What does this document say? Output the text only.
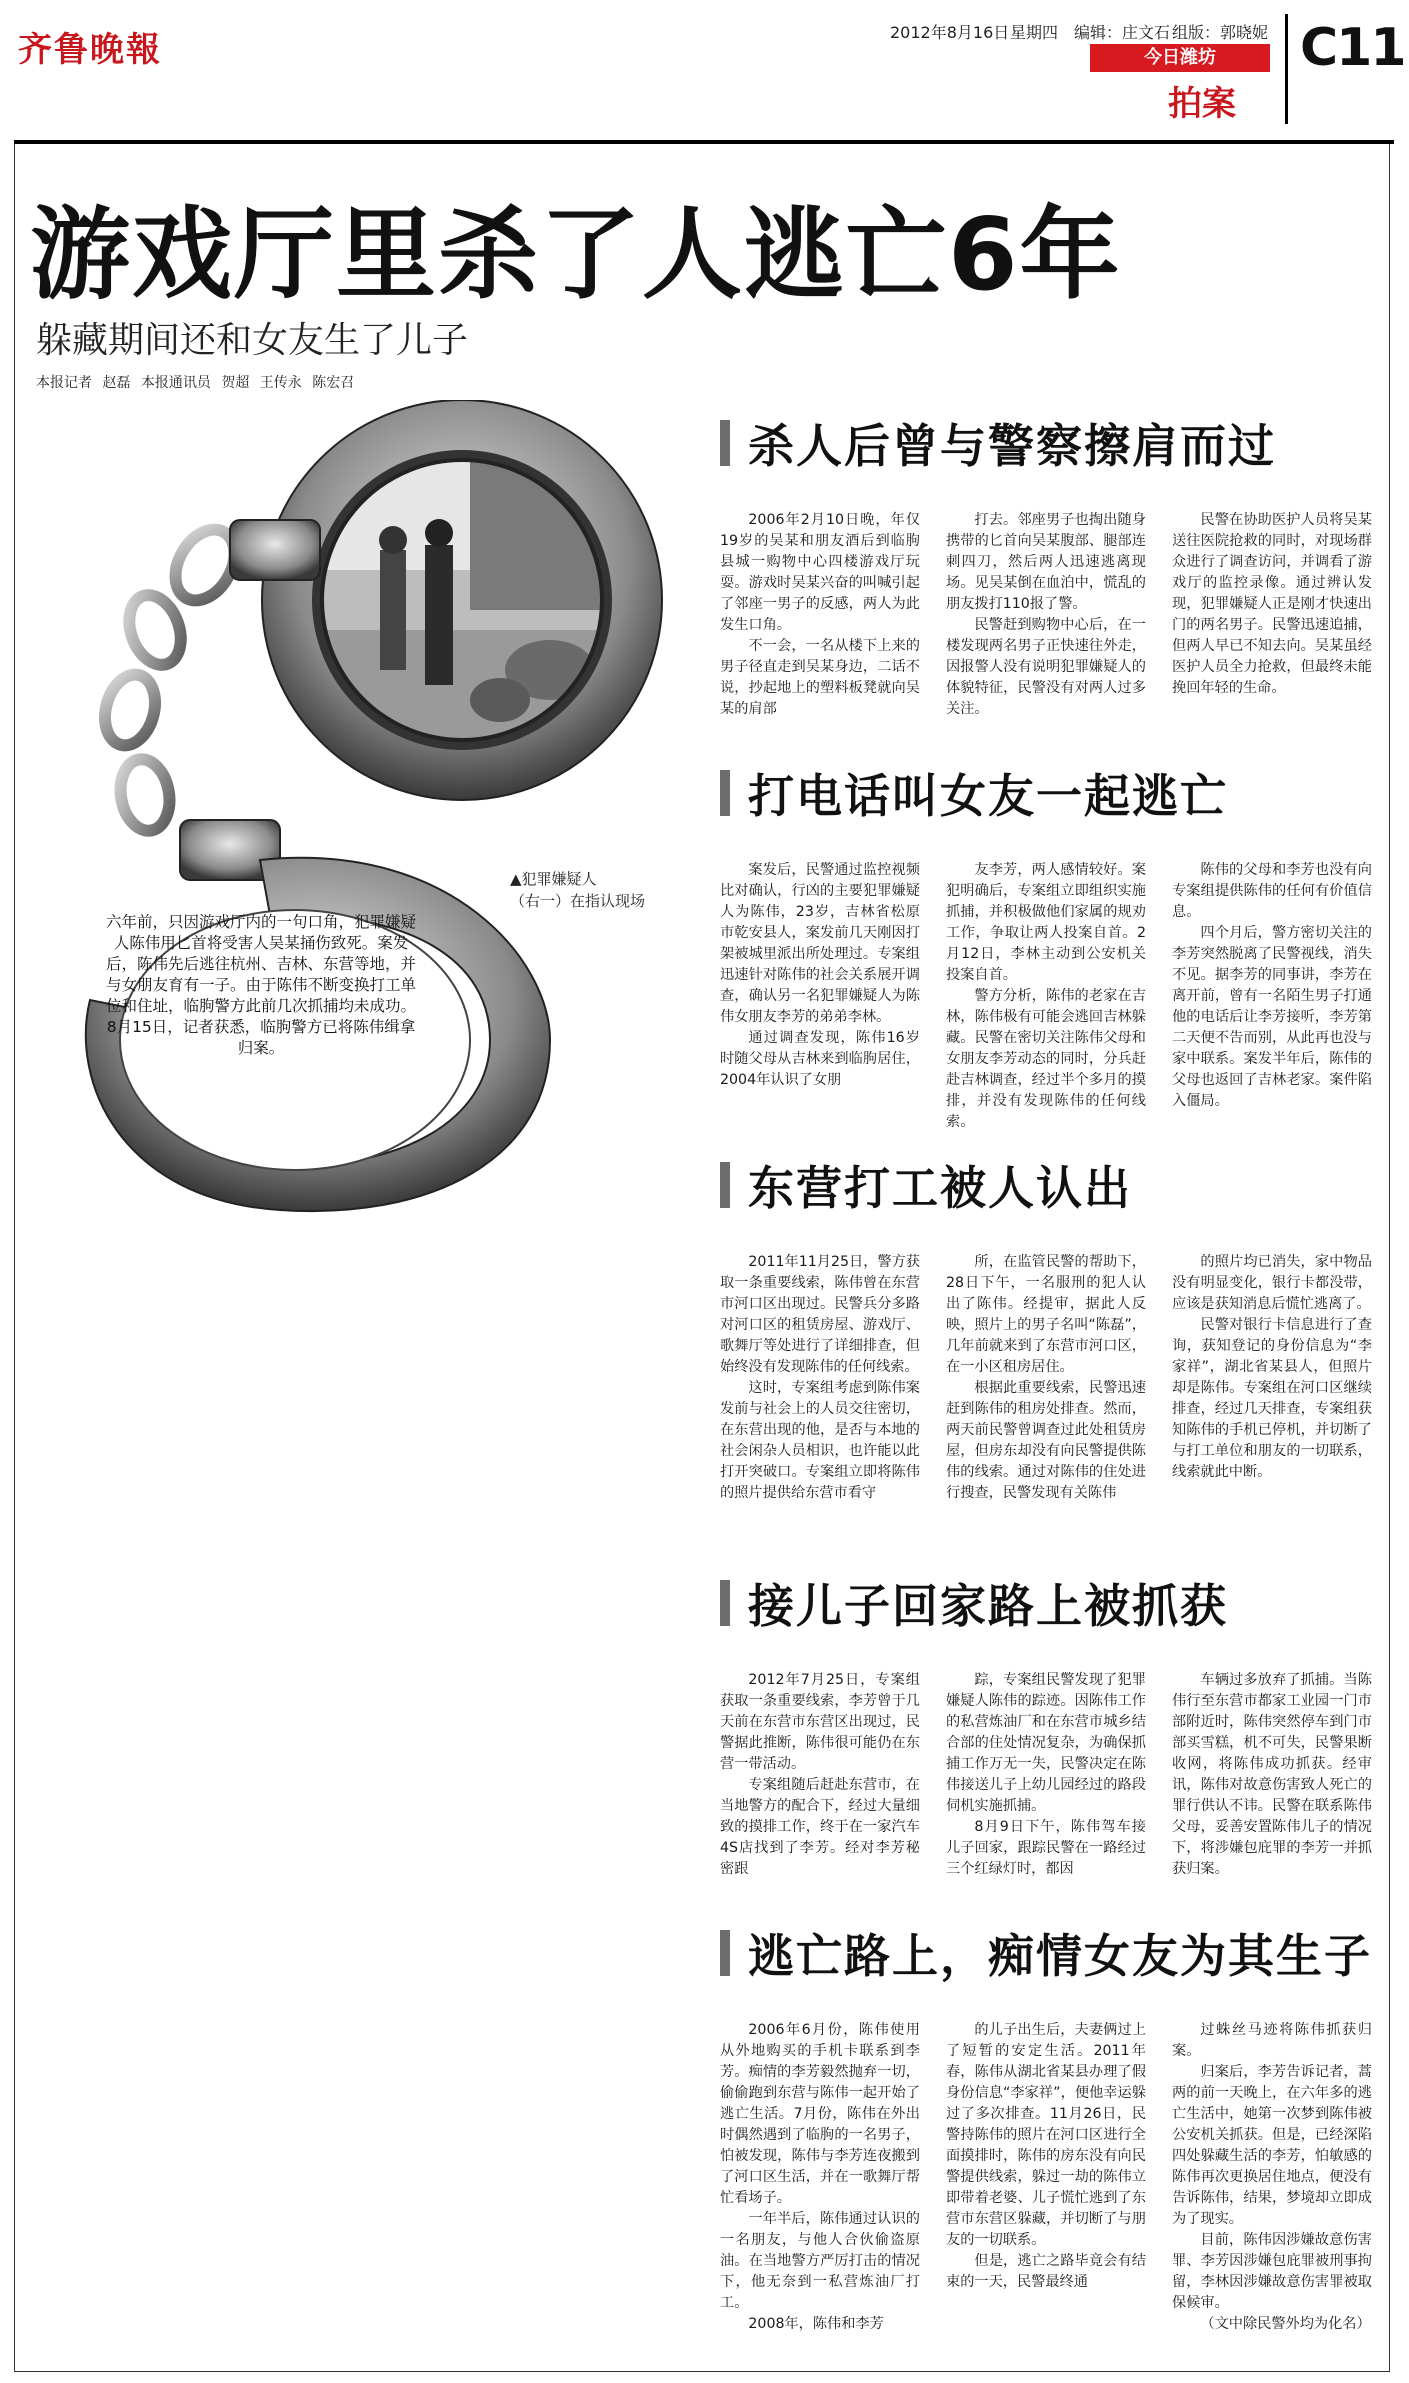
齐鲁晚報	2012年8月16日 星期四 编辑：庄文石 组版：郭晓妮
今日潍坊
拍案
C11
游戏厅里杀了人逃亡6年
躲藏期间还和女友生了儿子
本报记者 赵磊 本报通讯员 贺超 王传永 陈宏召
▲犯罪嫌疑人
（右一）在指认现场
六年前，只因游戏厅内的一句口角，犯罪嫌疑人陈伟用匕首将受害人吴某捅伤致死。案发后，陈伟先后逃往杭州、吉林、东营等地，并与女朋友育有一子。由于陈伟不断变换打工单位和住址，临朐警方此前几次抓捕均未成功。8月15日，记者获悉，临朐警方已将陈伟缉拿归案。
杀人后曾与警察擦肩而过
2006年2月10日晚，年仅19岁的吴某和朋友酒后到临朐县城一购物中心四楼游戏厅玩耍。游戏时吴某兴奋的叫喊引起了邻座一男子的反感，两人为此发生口角。
不一会，一名从楼下上来的男子径直走到吴某身边，二话不说，抄起地上的塑料板凳就向吴某的肩部
打去。邻座男子也掏出随身携带的匕首向吴某腹部、腿部连刺四刀，然后两人迅速逃离现场。见吴某倒在血泊中，慌乱的朋友拨打110报了警。
民警赶到购物中心后，在一楼发现两名男子正快速往外走，因报警人没有说明犯罪嫌疑人的体貌特征，民警没有对两人过多关注。
民警在协助医护人员将吴某送往医院抢救的同时，对现场群众进行了调查访问，并调看了游戏厅的监控录像。通过辨认发现，犯罪嫌疑人正是刚才快速出门的两名男子。民警迅速追捕，但两人早已不知去向。吴某虽经医护人员全力抢救，但最终未能挽回年轻的生命。
打电话叫女友一起逃亡
案发后，民警通过监控视频比对确认，行凶的主要犯罪嫌疑人为陈伟，23岁，吉林省松原市乾安县人，案发前几天刚因打架被城里派出所处理过。专案组迅速针对陈伟的社会关系展开调查，确认另一名犯罪嫌疑人为陈伟女朋友李芳的弟弟李林。
通过调查发现，陈伟16岁时随父母从吉林来到临朐居住，2004年认识了女朋
友李芳，两人感情较好。案犯明确后，专案组立即组织实施抓捕，并积极做他们家属的规劝工作，争取让两人投案自首。2月12日，李林主动到公安机关投案自首。
警方分析，陈伟的老家在吉林，陈伟极有可能会逃回吉林躲藏。民警在密切关注陈伟父母和女朋友李芳动态的同时，分兵赶赴吉林调查，经过半个多月的摸排，并没有发现陈伟的任何线索。
陈伟的父母和李芳也没有向专案组提供陈伟的任何有价值信息。
四个月后，警方密切关注的李芳突然脱离了民警视线，消失不见。据李芳的同事讲，李芳在离开前，曾有一名陌生男子打通他的电话后让李芳接听，李芳第二天便不告而别，从此再也没与家中联系。案发半年后，陈伟的父母也返回了吉林老家。案件陷入僵局。
东营打工被人认出
2011年11月25日，警方获取一条重要线索，陈伟曾在东营市河口区出现过。民警兵分多路对河口区的租赁房屋、游戏厅、歌舞厅等处进行了详细排查，但始终没有发现陈伟的任何线索。
这时，专案组考虑到陈伟案发前与社会上的人员交往密切，在东营出现的他，是否与本地的社会闲杂人员相识，也许能以此打开突破口。专案组立即将陈伟的照片提供给东营市看守
所，在监管民警的帮助下，28日下午，一名服刑的犯人认出了陈伟。经提审，据此人反映，照片上的男子名叫“陈磊”，几年前就来到了东营市河口区，在一小区租房居住。
根据此重要线索，民警迅速赶到陈伟的租房处排查。然而，两天前民警曾调查过此处租赁房屋，但房东却没有向民警提供陈伟的线索。通过对陈伟的住处进行搜查，民警发现有关陈伟
的照片均已消失，家中物品没有明显变化，银行卡都没带，应该是获知消息后慌忙逃离了。
民警对银行卡信息进行了查询，获知登记的身份信息为“李家祥”，湖北省某县人，但照片却是陈伟。专案组在河口区继续排查，经过几天排查，专案组获知陈伟的手机已停机，并切断了与打工单位和朋友的一切联系，线索就此中断。
接儿子回家路上被抓获
2012年7月25日，专案组获取一条重要线索，李芳曾于几天前在东营市东营区出现过，民警据此推断，陈伟很可能仍在东营一带活动。
专案组随后赶赴东营市，在当地警方的配合下，经过大量细致的摸排工作，终于在一家汽车4S店找到了李芳。经对李芳秘密跟
踪，专案组民警发现了犯罪嫌疑人陈伟的踪迹。因陈伟工作的私营炼油厂和在东营市城乡结合部的住处情况复杂，为确保抓捕工作万无一失，民警决定在陈伟接送儿子上幼儿园经过的路段伺机实施抓捕。
8月9日下午，陈伟驾车接儿子回家，跟踪民警在一路经过三个红绿灯时，都因
车辆过多放弃了抓捕。当陈伟行至东营市都家工业园一门市部附近时，陈伟突然停车到门市部买雪糕，机不可失，民警果断收网，将陈伟成功抓获。经审讯，陈伟对故意伤害致人死亡的罪行供认不讳。民警在联系陈伟父母，妥善安置陈伟儿子的情况下，将涉嫌包庇罪的李芳一并抓获归案。
逃亡路上，痴情女友为其生子
2006年6月份，陈伟使用从外地购买的手机卡联系到李芳。痴情的李芳毅然抛弃一切，偷偷跑到东营与陈伟一起开始了逃亡生活。7月份，陈伟在外出时偶然遇到了临朐的一名男子，怕被发现，陈伟与李芳连夜搬到了河口区生活，并在一歌舞厅帮忙看场子。
一年半后，陈伟通过认识的一名朋友，与他人合伙偷盗原油。在当地警方严厉打击的情况下，他无奈到一私营炼油厂打工。
2008年，陈伟和李芳
的儿子出生后，夫妻俩过上了短暂的安定生活。2011年春，陈伟从湖北省某县办理了假身份信息“李家祥”，便他幸运躲过了多次排查。11月26日，民警持陈伟的照片在河口区进行全面摸排时，陈伟的房东没有向民警提供线索，躲过一劫的陈伟立即带着老婆、儿子慌忙逃到了东营市东营区躲藏，并切断了与朋友的一切联系。
但是，逃亡之路毕竟会有结束的一天，民警最终通
过蛛丝马迹将陈伟抓获归案。
归案后，李芳告诉记者，蒿两的前一天晚上，在六年多的逃亡生活中，她第一次梦到陈伟被公安机关抓获。但是，已经深陷四处躲藏生活的李芳，怕敏感的陈伟再次更换居住地点，便没有告诉陈伟，结果，梦境却立即成为了现实。
目前，陈伟因涉嫌故意伤害罪、李芳因涉嫌包庇罪被刑事拘留，李林因涉嫌故意伤害罪被取保候审。
（文中除民警外均为化名）
